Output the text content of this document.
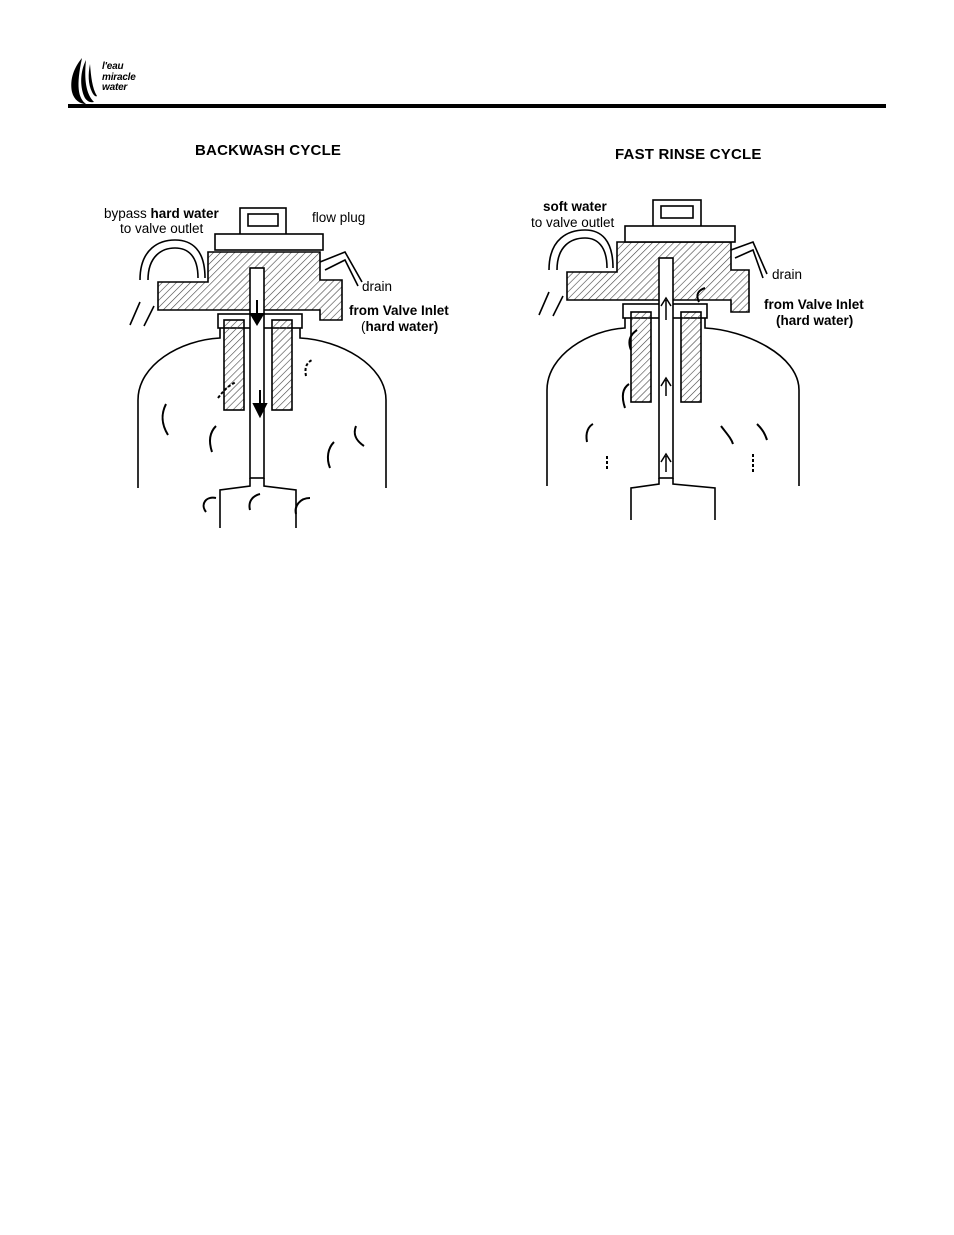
l'eau
miracle
water
BACKWASH CYCLE	FAST RINSE CYCLE
bypass hard water
to valve outlet
flow plug
drain
from Valve Inlet
(hard water)
soft water
to valve outlet
drain
from Valve Inlet
(hard water)
